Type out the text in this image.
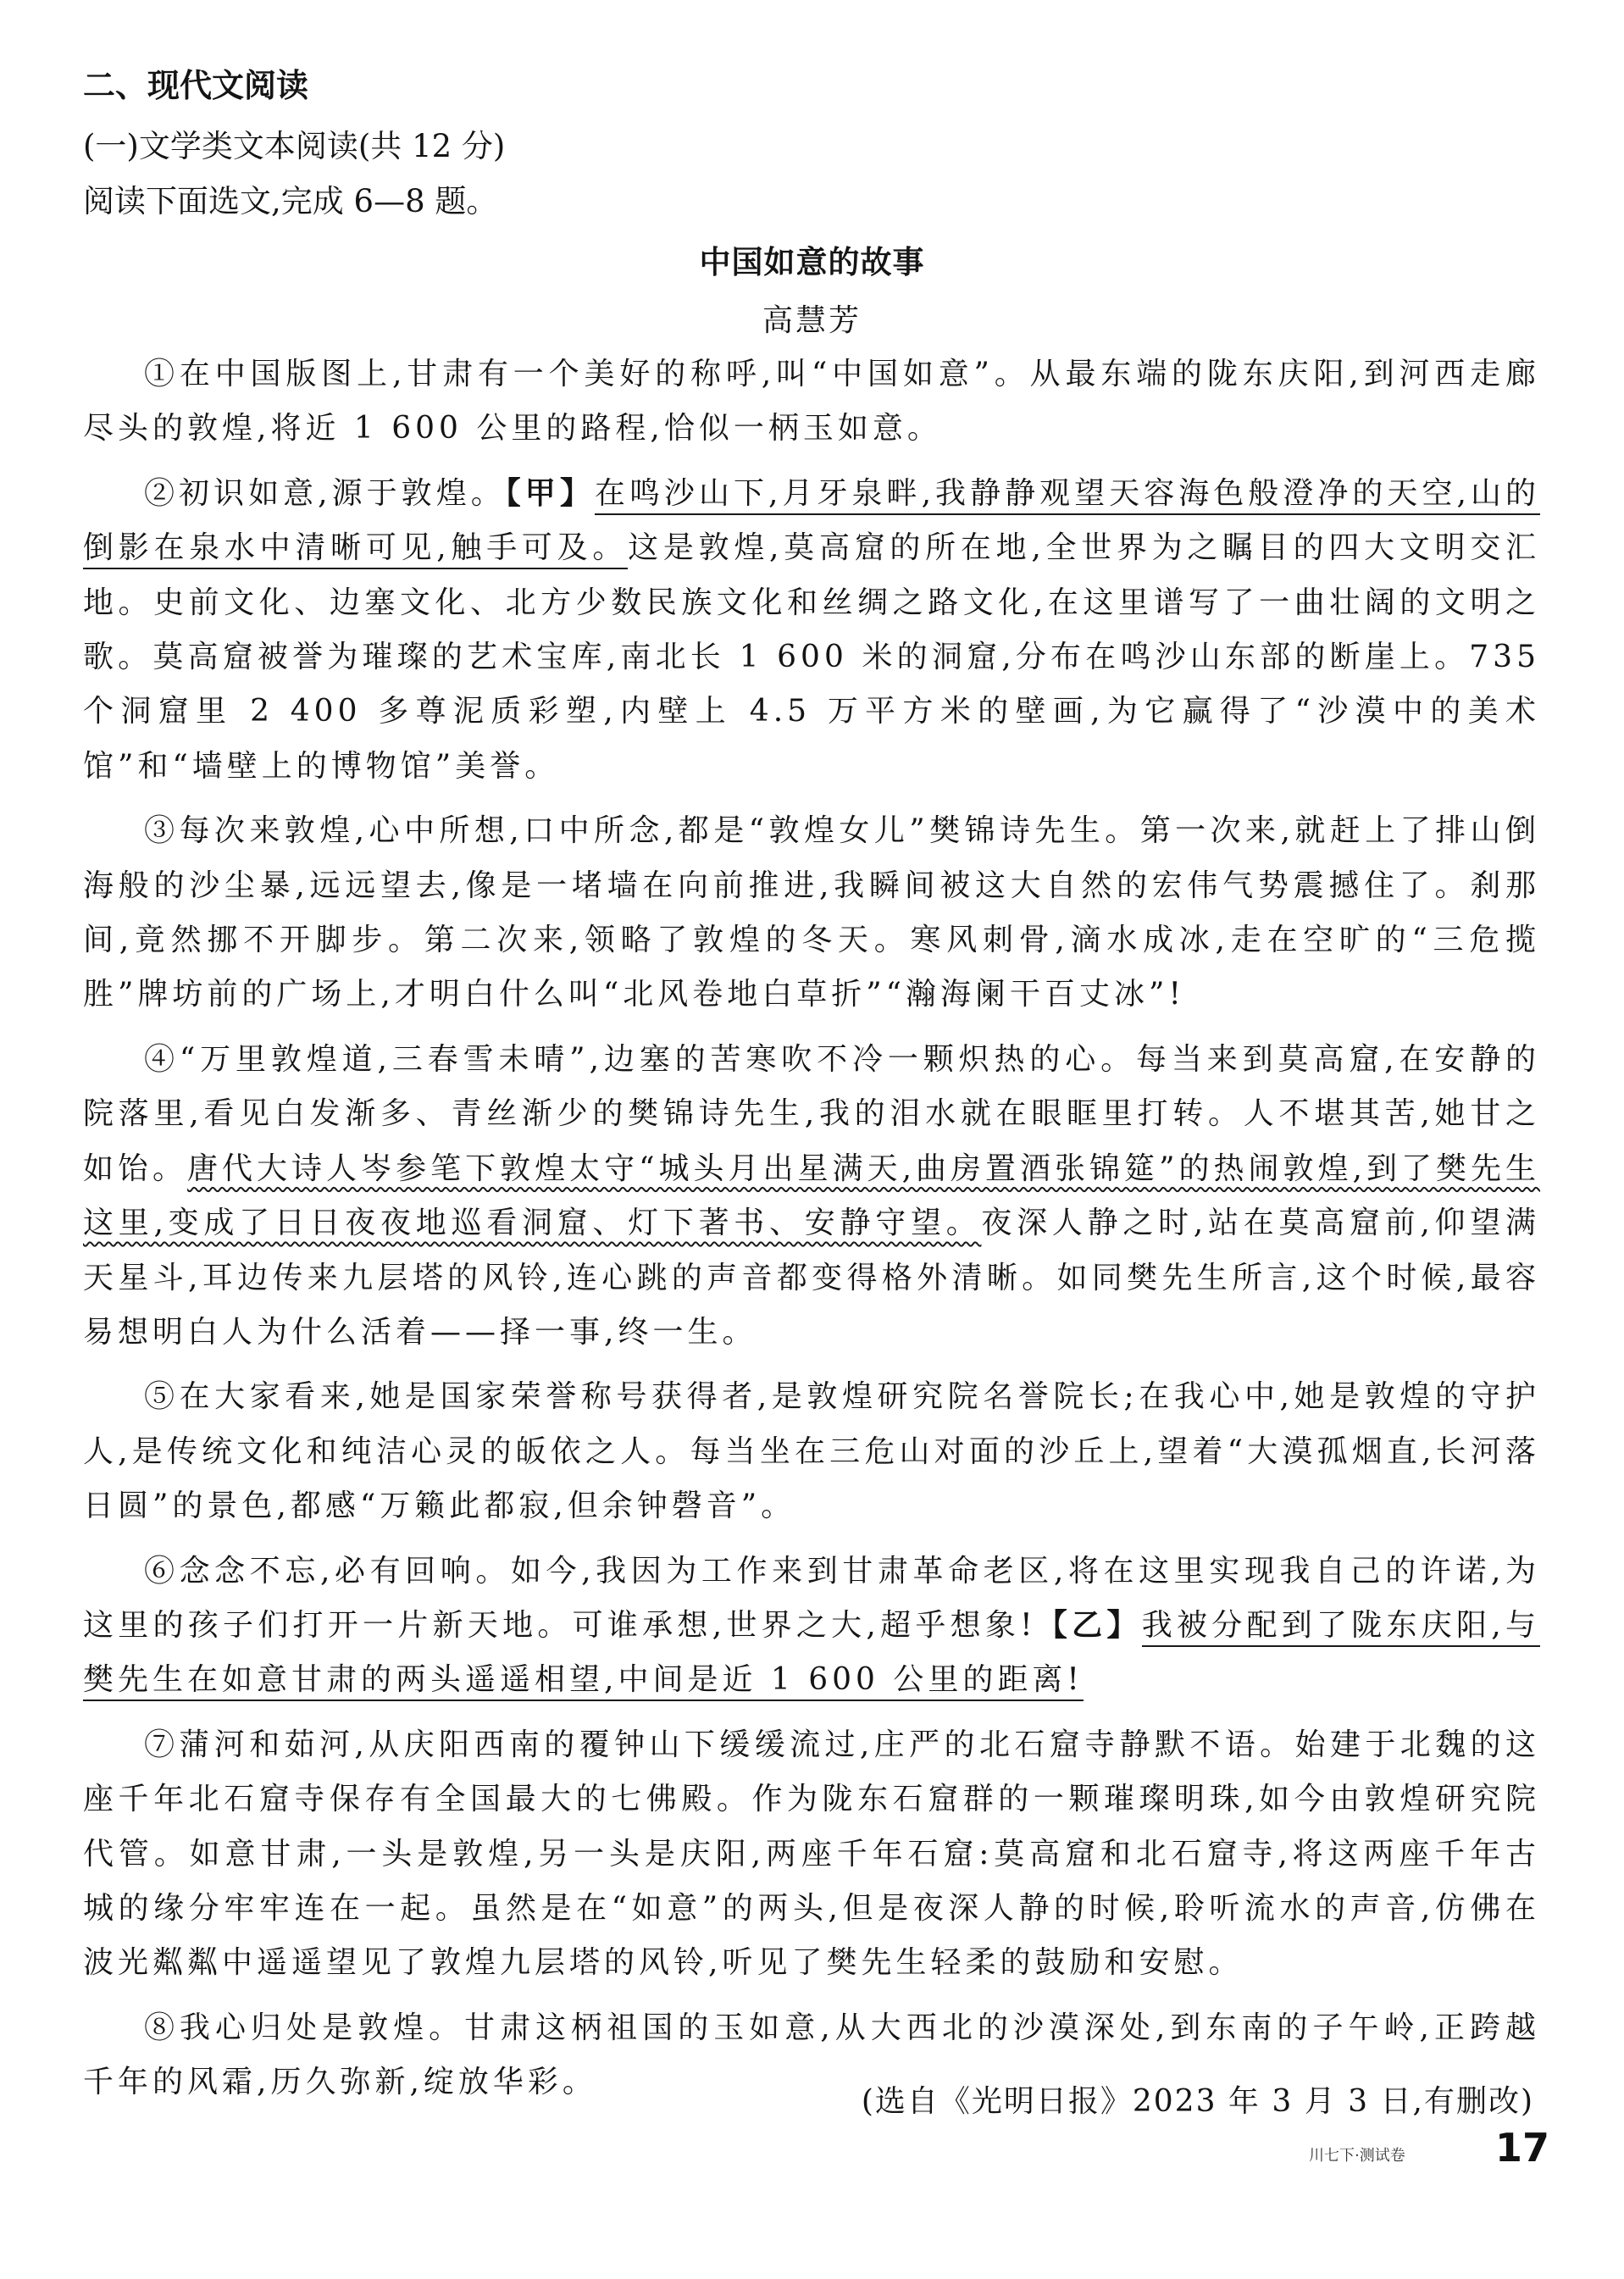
二、现代文阅读
(一)文学类文本阅读(共 12 分)
阅读下面选文,完成 6—8 题。
中国如意的故事
高慧芳

①在中国版图上,甘肃有一个美好的称呼,叫“中国如意”。从最东端的陇东庆阳,到河西走廊尽头的敦煌,将近 1 600 公里的路程,恰似一柄玉如意。

②初识如意,源于敦煌。【甲】在鸣沙山下,月牙泉畔,我静静观望天容海色般澄净的天空,山的倒影在泉水中清晰可见,触手可及。这是敦煌,莫高窟的所在地,全世界为之瞩目的四大文明交汇地。史前文化、边塞文化、北方少数民族文化和丝绸之路文化,在这里谱写了一曲壮阔的文明之歌。莫高窟被誉为璀璨的艺术宝库,南北长 1 600 米的洞窟,分布在鸣沙山东部的断崖上。735 个洞窟里 2 400 多尊泥质彩塑,内壁上 4.5 万平方米的壁画,为它赢得了“沙漠中的美术馆”和“墙壁上的博物馆”美誉。

③每次来敦煌,心中所想,口中所念,都是“敦煌女儿”樊锦诗先生。第一次来,就赶上了排山倒海般的沙尘暴,远远望去,像是一堵墙在向前推进,我瞬间被这大自然的宏伟气势震撼住了。刹那间,竟然挪不开脚步。第二次来,领略了敦煌的冬天。寒风刺骨,滴水成冰,走在空旷的“三危揽胜”牌坊前的广场上,才明白什么叫“北风卷地白草折”“瀚海阑干百丈冰”!

④“万里敦煌道,三春雪未晴”,边塞的苦寒吹不冷一颗炽热的心。每当来到莫高窟,在安静的院落里,看见白发渐多、青丝渐少的樊锦诗先生,我的泪水就在眼眶里打转。人不堪其苦,她甘之如饴。唐代大诗人岑参笔下敦煌太守“城头月出星满天,曲房置酒张锦筵”的热闹敦煌,到了樊先生这里,变成了日日夜夜地巡看洞窟、灯下著书、安静守望。夜深人静之时,站在莫高窟前,仰望满天星斗,耳边传来九层塔的风铃,连心跳的声音都变得格外清晰。如同樊先生所言,这个时候,最容易想明白人为什么活着——择一事,终一生。

⑤在大家看来,她是国家荣誉称号获得者,是敦煌研究院名誉院长;在我心中,她是敦煌的守护人,是传统文化和纯洁心灵的皈依之人。每当坐在三危山对面的沙丘上,望着“大漠孤烟直,长河落日圆”的景色,都感“万籁此都寂,但余钟磬音”。

⑥念念不忘,必有回响。如今,我因为工作来到甘肃革命老区,将在这里实现我自己的许诺,为这里的孩子们打开一片新天地。可谁承想,世界之大,超乎想象!【乙】我被分配到了陇东庆阳,与樊先生在如意甘肃的两头遥遥相望,中间是近 1 600 公里的距离!

⑦蒲河和茹河,从庆阳西南的覆钟山下缓缓流过,庄严的北石窟寺静默不语。始建于北魏的这座千年北石窟寺保存有全国最大的七佛殿。作为陇东石窟群的一颗璀璨明珠,如今由敦煌研究院代管。如意甘肃,一头是敦煌,另一头是庆阳,两座千年石窟:莫高窟和北石窟寺,将这两座千年古城的缘分牢牢连在一起。虽然是在“如意”的两头,但是夜深人静的时候,聆听流水的声音,仿佛在波光粼粼中遥遥望见了敦煌九层塔的风铃,听见了樊先生轻柔的鼓励和安慰。

⑧我心归处是敦煌。甘肃这柄祖国的玉如意,从大西北的沙漠深处,到东南的子午岭,正跨越千年的风霜,历久弥新,绽放华彩。

(选自《光明日报》2023 年 3 月 3 日,有删改)
川七下·测试卷 17
